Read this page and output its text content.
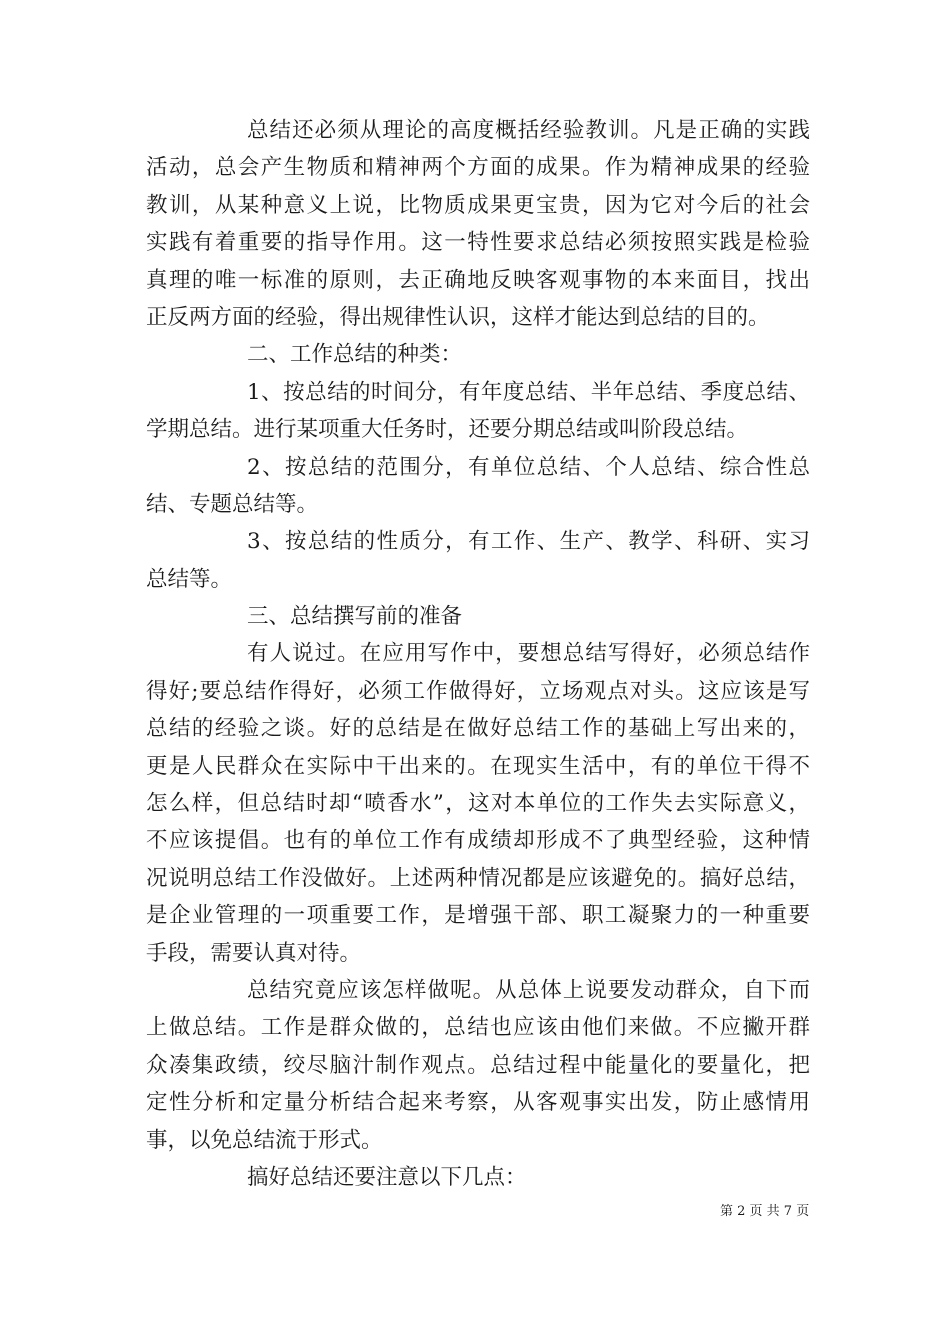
总结还必须从理论的高度概括经验教训。凡是正确的实践
活动，总会产生物质和精神两个方面的成果。作为精神成果的经验
教训，从某种意义上说，比物质成果更宝贵，因为它对今后的社会
实践有着重要的指导作用。这一特性要求总结必须按照实践是检验
真理的唯一标准的原则，去正确地反映客观事物的本来面目，找出
正反两方面的经验，得出规律性认识，这样才能达到总结的目的。
二、工作总结的种类：
1、按总结的时间分，有年度总结、半年总结、季度总结、
学期总结。进行某项重大任务时，还要分期总结或叫阶段总结。
2、按总结的范围分，有单位总结、个人总结、综合性总
结、专题总结等。
3、按总结的性质分，有工作、生产、教学、科研、实习
总结等。
三、总结撰写前的准备
有人说过。在应用写作中，要想总结写得好，必须总结作
得好;要总结作得好，必须工作做得好，立场观点对头。这应该是写
总结的经验之谈。好的总结是在做好总结工作的基础上写出来的，
更是人民群众在实际中干出来的。在现实生活中，有的单位干得不
怎么样，但总结时却“喷香水”，这对本单位的工作失去实际意义，
不应该提倡。也有的单位工作有成绩却形成不了典型经验，这种情
况说明总结工作没做好。上述两种情况都是应该避免的。搞好总结，
是企业管理的一项重要工作，是增强干部、职工凝聚力的一种重要
手段，需要认真对待。
总结究竟应该怎样做呢。从总体上说要发动群众，自下而
上做总结。工作是群众做的，总结也应该由他们来做。不应撇开群
众凑集政绩，绞尽脑汁制作观点。总结过程中能量化的要量化，把
定性分析和定量分析结合起来考察，从客观事实出发，防止感情用
事，以免总结流于形式。
搞好总结还要注意以下几点：
第 2 页 共 7 页
